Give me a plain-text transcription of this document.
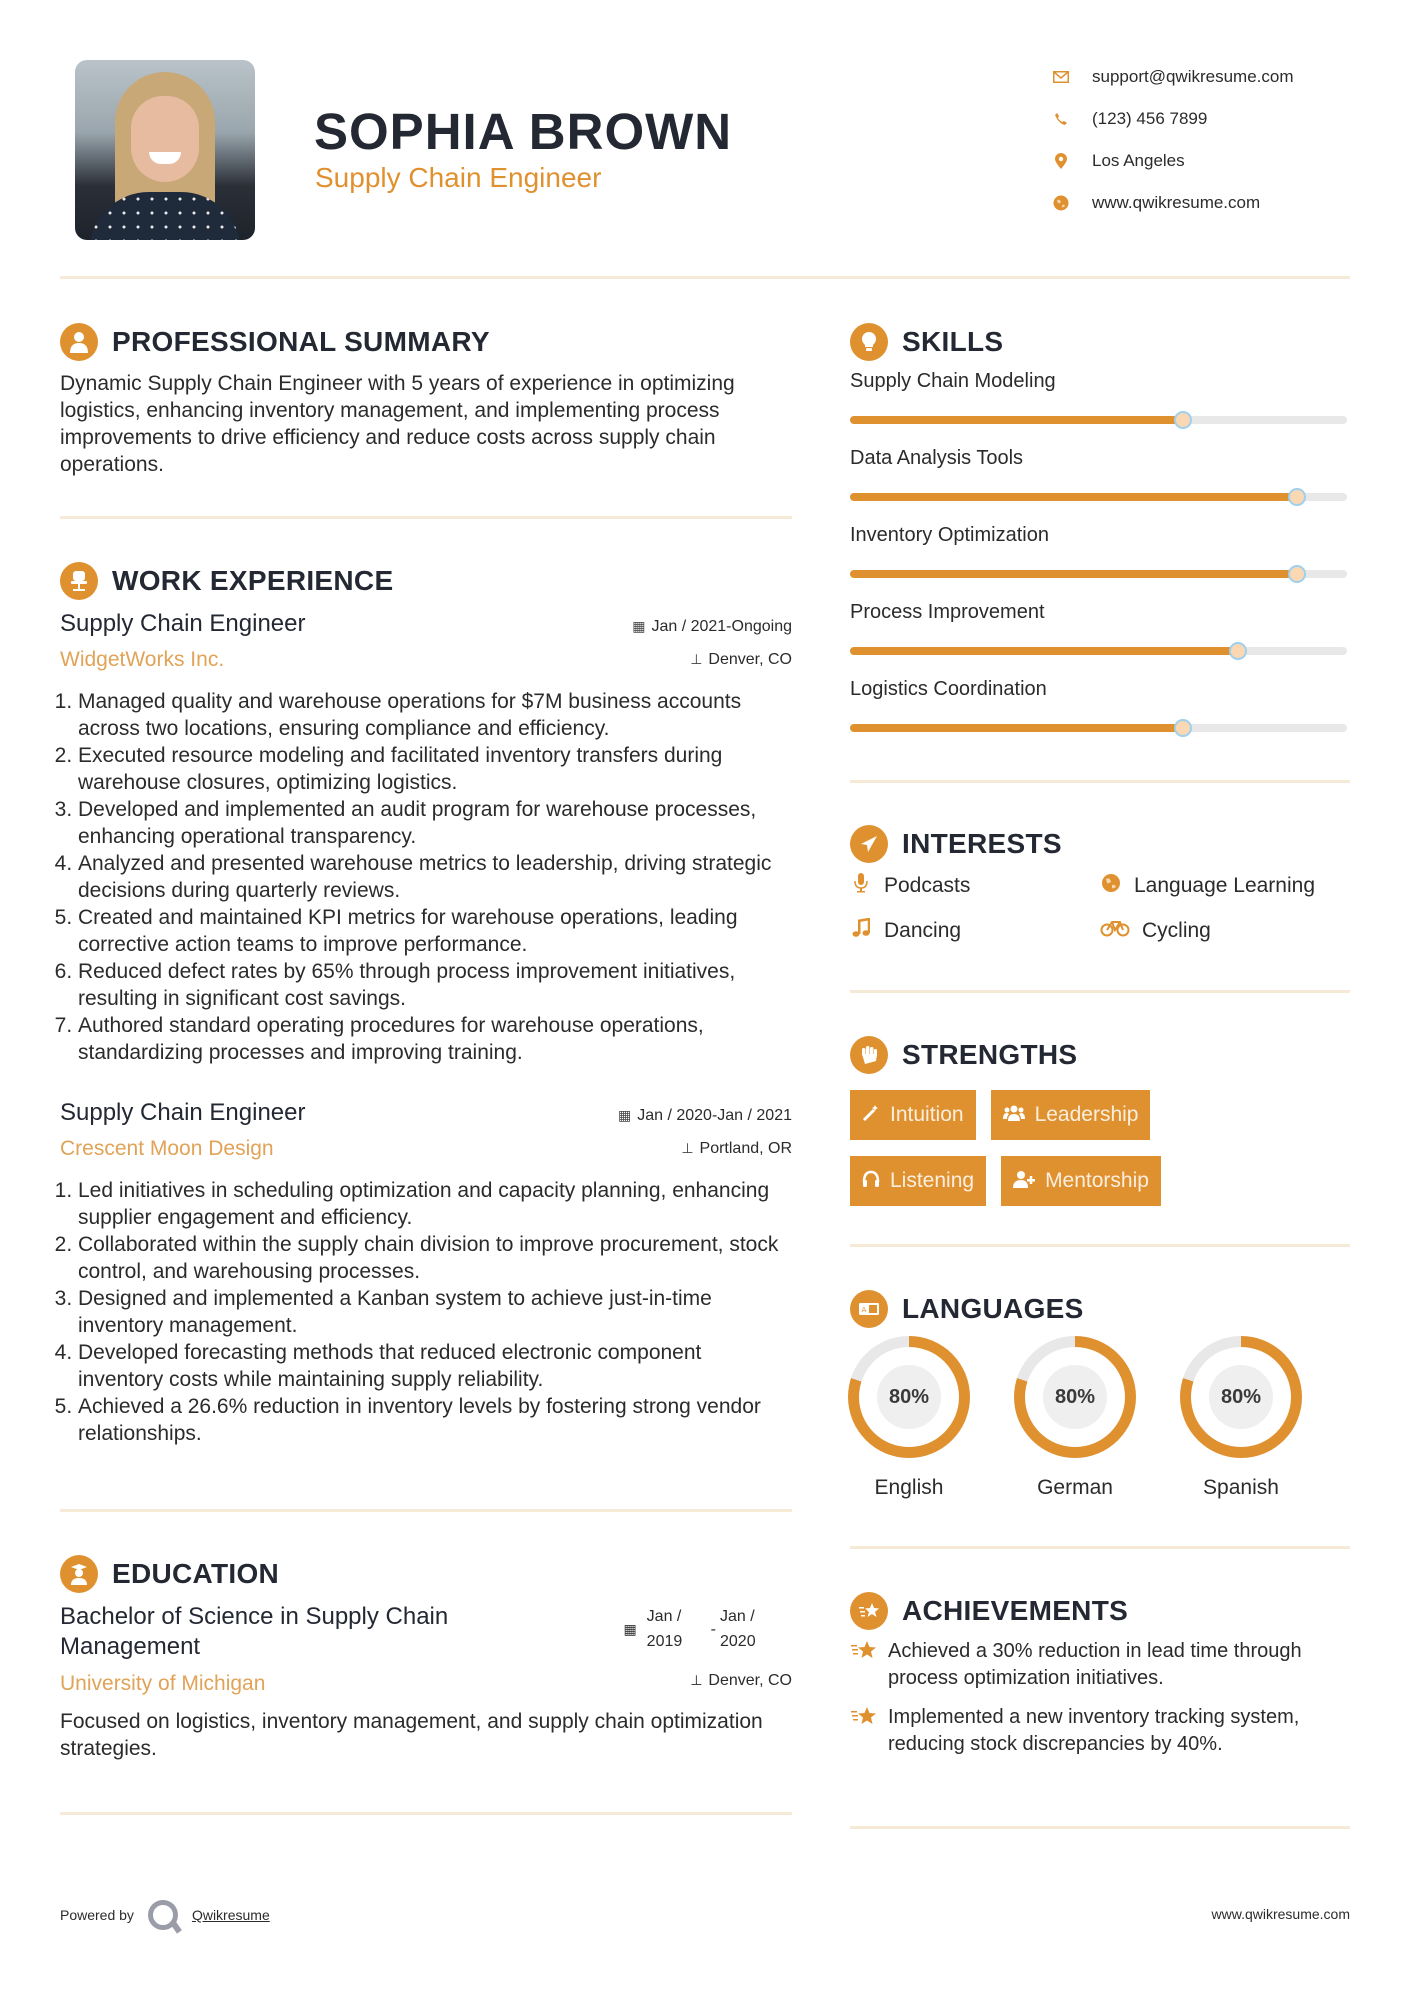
SOPHIA BROWN
Supply Chain Engineer
support@qwikresume.com
(123) 456 7899
Los Angeles
www.qwikresume.com
PROFESSIONAL SUMMARY
Dynamic Supply Chain Engineer with 5 years of experience in optimizing logistics, enhancing inventory management, and implementing process improvements to drive efficiency and reduce costs across supply chain operations.
WORK EXPERIENCE
Supply Chain Engineer
WidgetWorks Inc.
▦ Jan / 2021-Ongoing
⊥ Denver, CO
1. Managed quality and warehouse operations for $7M business accounts across two locations, ensuring compliance and efficiency.
2. Executed resource modeling and facilitated inventory transfers during warehouse closures, optimizing logistics.
3. Developed and implemented an audit program for warehouse processes, enhancing operational transparency.
4. Analyzed and presented warehouse metrics to leadership, driving strategic decisions during quarterly reviews.
5. Created and maintained KPI metrics for warehouse operations, leading corrective action teams to improve performance.
6. Reduced defect rates by 65% through process improvement initiatives, resulting in significant cost savings.
7. Authored standard operating procedures for warehouse operations, standardizing processes and improving training.
Supply Chain Engineer
Crescent Moon Design
▦ Jan / 2020-Jan / 2021
⊥ Portland, OR
1. Led initiatives in scheduling optimization and capacity planning, enhancing supplier engagement and efficiency.
2. Collaborated within the supply chain division to improve procurement, stock control, and warehousing processes.
3. Designed and implemented a Kanban system to achieve just-in-time inventory management.
4. Developed forecasting methods that reduced electronic component inventory costs while maintaining supply reliability.
5. Achieved a 26.6% reduction in inventory levels by fostering strong vendor relationships.
EDUCATION
Bachelor of Science in Supply Chain Management
University of Michigan
▦
Jan / 2019
-
Jan / 2020
⊥ Denver, CO
Focused on logistics, inventory management, and supply chain optimization strategies.
SKILLS
Supply Chain Modeling
Data Analysis Tools
Inventory Optimization
Process Improvement
Logistics Coordination
INTERESTS
Podcasts	Language Learning
Dancing	Cycling
STRENGTHS
Intuition	Leadership
Listening	Mentorship
A LANGUAGES
80%
English
80%
German
80%
Spanish
ACHIEVEMENTS
Achieved a 30% reduction in lead time through process optimization initiatives.
Implemented a new inventory tracking system, reducing stock discrepancies by 40%.
Powered by	Qwikresume	www.qwikresume.com
